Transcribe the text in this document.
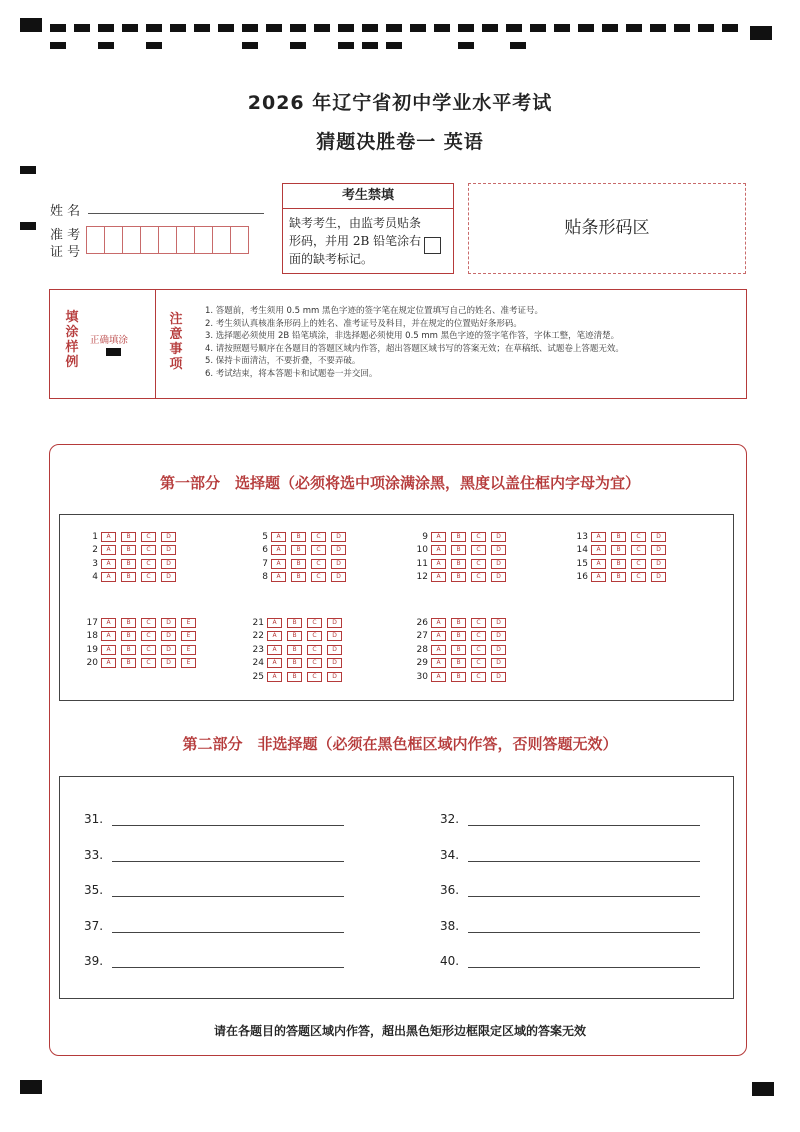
2026 年辽宁省初中学业水平考试
猜题决胜卷一 英语
姓 名
准 考
证 号
考生禁填
缺考考生，由监考员贴条形码，并用 2B 铅笔涂右面的缺考标记。
贴条形码区
填
涂
样
例
正确填涂
注
意
事
项
1. 答题前，考生须用 0.5 mm 黑色字迹的签字笔在规定位置填写自己的姓名、准考证号。
2. 考生须认真核准条形码上的姓名、准考证号及科目，并在规定的位置贴好条形码。
3. 选择题必须使用 2B 铅笔填涂，非选择题必须使用 0.5 mm 黑色字迹的签字笔作答，字体工整，笔迹清楚。
4. 请按照题号顺序在各题目的答题区域内作答，超出答题区域书写的答案无效；在草稿纸、试题卷上答题无效。
5. 保持卡面清洁，不要折叠，不要弄破。
6. 考试结束，将本答题卡和试题卷一并交回。
第一部分　选择题（必须将选中项涂满涂黑，黑度以盖住框内字母为宜）
1	A	B	C	D
2	A	B	C	D
3	A	B	C	D
4	A	B	C	D
5	A	B	C	D
6	A	B	C	D
7	A	B	C	D
8	A	B	C	D
9	A	B	C	D
10	A	B	C	D
11	A	B	C	D
12	A	B	C	D
13	A	B	C	D
14	A	B	C	D
15	A	B	C	D
16	A	B	C	D
17	A	B	C	D	E
18	A	B	C	D	E
19	A	B	C	D	E
20	A	B	C	D	E
21	A	B	C	D
22	A	B	C	D
23	A	B	C	D
24	A	B	C	D
25	A	B	C	D
26	A	B	C	D
27	A	B	C	D
28	A	B	C	D
29	A	B	C	D
30	A	B	C	D
第二部分　非选择题（必须在黑色框区域内作答，否则答题无效）
31.	32.
33.	34.
35.	36.
37.	38.
39.	40.
请在各题目的答题区域内作答，超出黑色矩形边框限定区域的答案无效
